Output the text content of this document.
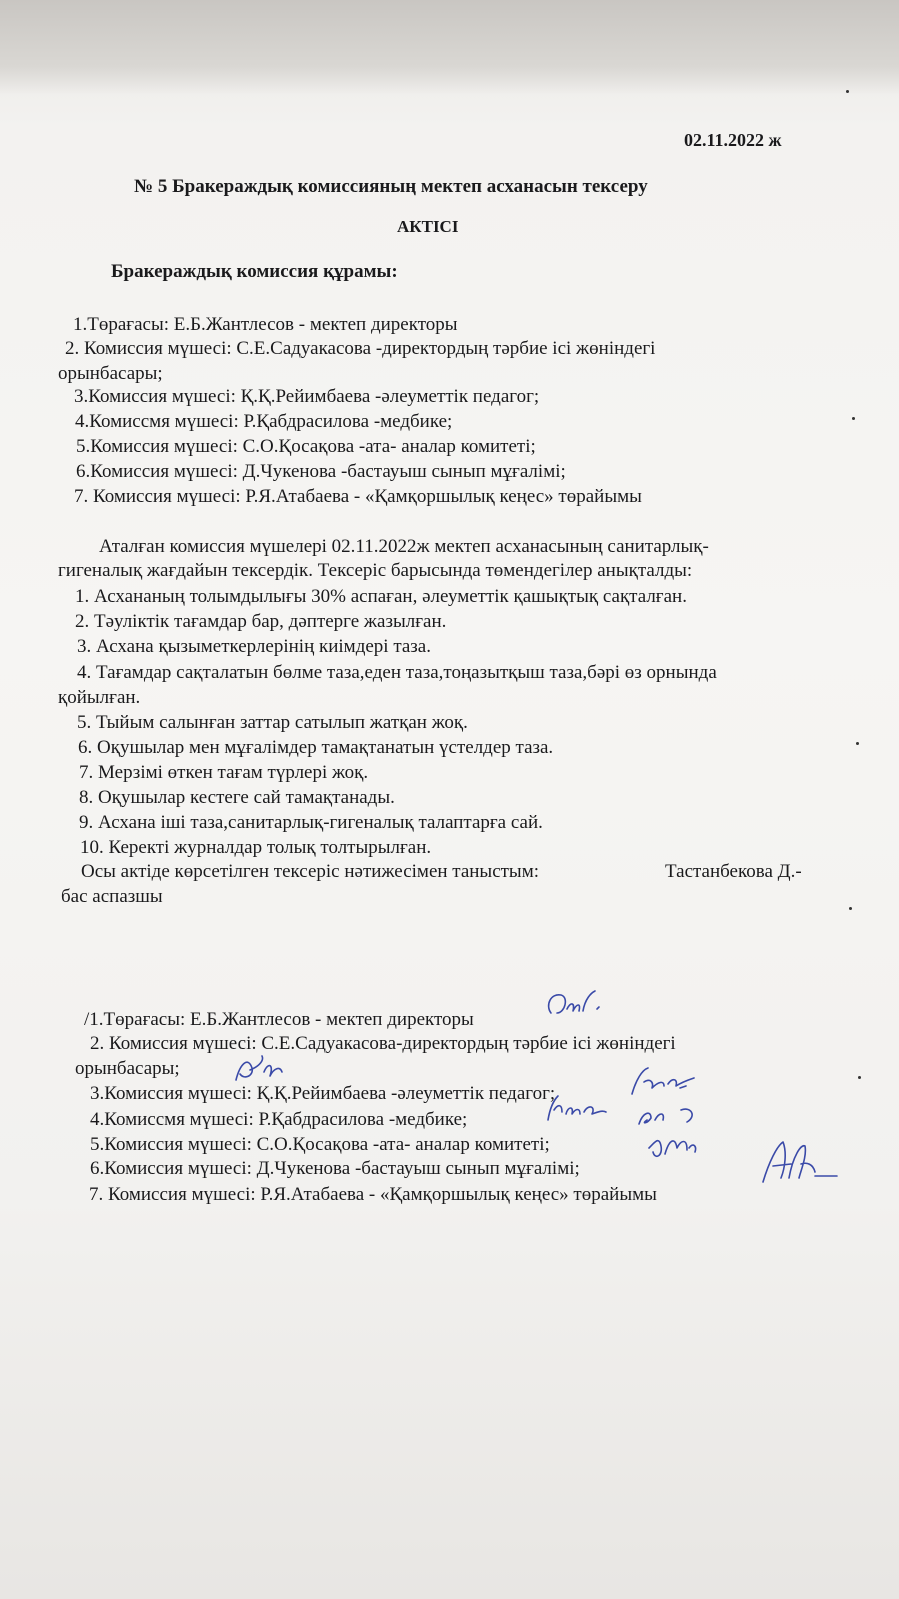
02.11.2022 ж
№ 5 Бракераждық комиссияның мектеп асханасын тексеру
АКТІСІ
Бракераждық комиссия құрамы:
1.Төрағасы: Е.Б.Жантлесов - мектеп директоры
2. Комиссия мүшесі: С.Е.Садуакасова -директордың тәрбие ісі жөніндегі
орынбасары;
3.Комиссия мүшесі: Қ.Қ.Рейимбаева -әлеуметтік педагог;
4.Комиссмя мүшесі: Р.Қабдрасилова -медбике;
5.Комиссия мүшесі: С.О.Қосақова -ата- аналар комитеті;
6.Комиссия мүшесі: Д.Чукенова -бастауыш сынып мұғалімі;
7. Комиссия мүшесі: Р.Я.Атабаева - «Қамқоршылық кеңес» төрайымы
Аталған комиссия мүшелері 02.11.2022ж мектеп асханасының санитарлық-
гигеналық жағдайын тексердік. Тексеріс барысында төмендегілер анықталды:
1. Асхананың толымдылығы 30% аспаған, әлеуметтік қашықтық сақталған.
2. Тәуліктік тағамдар бар, дәптерге жазылған.
3. Асхана қызыметкерлерінің киімдері таза.
4. Тағамдар сақталатын бөлме таза,еден таза,тоңазытқыш таза,бәрі өз орнында
қойылған.
5. Тыйым салынған заттар сатылып жатқан жоқ.
6. Оқушылар мен мұғалімдер тамақтанатын үстелдер таза.
7. Мерзімі өткен тағам түрлері жоқ.
8. Оқушылар кестеге сай тамақтанады.
9. Асхана іші таза,санитарлық-гигеналық талаптарға сай.
10. Керекті журналдар толық толтырылған.
Осы актіде көрсетілген тексеріс нәтижесімен таныстым:	Тастанбекова Д.-
бас аспазшы
/1.Төрағасы: Е.Б.Жантлесов - мектеп директоры
2. Комиссия мүшесі: С.Е.Садуакасова-директордың тәрбие ісі жөніндегі
орынбасары;
3.Комиссия мүшесі: Қ.Қ.Рейимбаева -әлеуметтік педагог;
4.Комиссмя мүшесі: Р.Қабдрасилова -медбике;
5.Комиссия мүшесі: С.О.Қосақова -ата- аналар комитеті;
6.Комиссия мүшесі: Д.Чукенова -бастауыш сынып мұғалімі;
7. Комиссия мүшесі: Р.Я.Атабаева - «Қамқоршылық кеңес» төрайымы
